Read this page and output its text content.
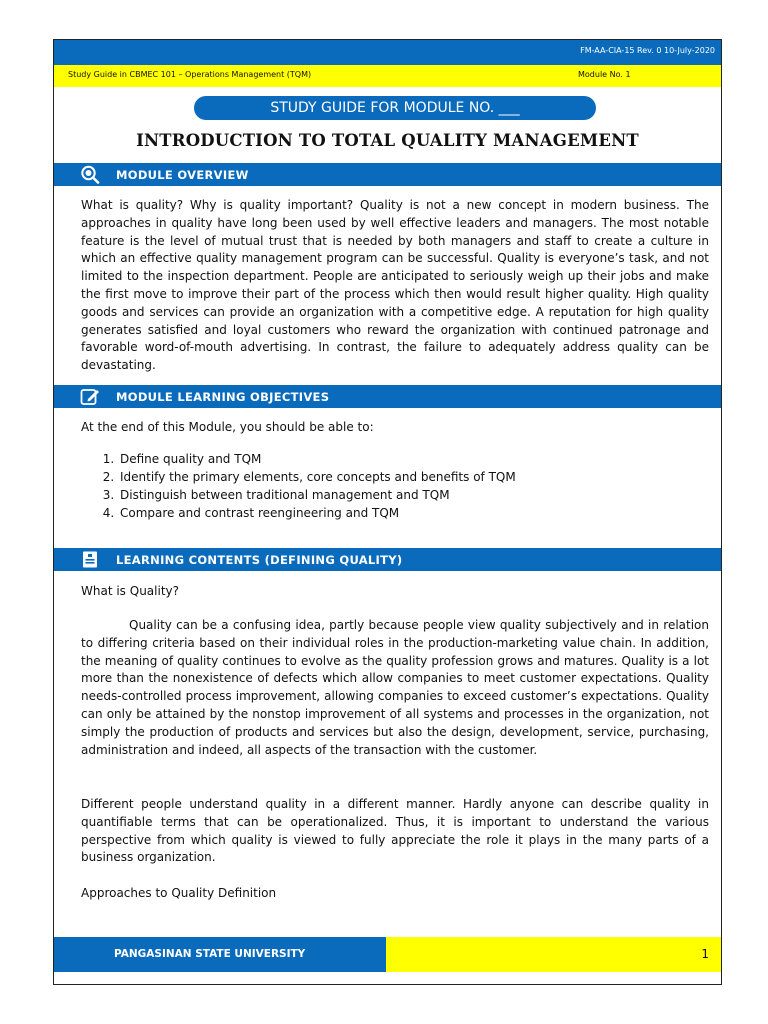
FM-AA-CIA-15 Rev. 0 10-July-2020
Study Guide in CBMEC 101 – Operations Management (TQM)	Module No. 1
STUDY GUIDE FOR MODULE NO. ___
INTRODUCTION TO TOTAL QUALITY MANAGEMENT
MODULE OVERVIEW

What is quality? Why is quality important? Quality is not a new concept in modern business. The approaches in quality have long been used by well effective leaders and managers. The most notable feature is the level of mutual trust that is needed by both managers and staff to create a culture in which an effective quality management program can be successful. Quality is everyone’s task, and not limited to the inspection department. People are anticipated to seriously weigh up their jobs and make the first move to improve their part of the process which then would result higher quality. High quality goods and services can provide an organization with a competitive edge. A reputation for high quality generates satisfied and loyal customers who reward the organization with continued patronage and favorable word-of-mouth advertising. In contrast, the failure to adequately address quality can be devastating.

MODULE LEARNING OBJECTIVES

At the end of this Module, you should be able to:

1. Define quality and TQM
2. Identify the primary elements, core concepts and benefits of TQM
3. Distinguish between traditional management and TQM
4. Compare and contrast reengineering and TQM
LEARNING CONTENTS (DEFINING QUALITY)

What is Quality?

Quality can be a confusing idea, partly because people view quality subjectively and in relation to differing criteria based on their individual roles in the production-marketing value chain. In addition, the meaning of quality continues to evolve as the quality profession grows and matures. Quality is a lot more than the nonexistence of defects which allow companies to meet customer expectations. Quality needs-controlled process improvement, allowing companies to exceed customer’s expectations. Quality can only be attained by the nonstop improvement of all systems and processes in the organization, not simply the production of products and services but also the design, development, service, purchasing, administration and indeed, all aspects of the transaction with the customer.

Different people understand quality in a different manner. Hardly anyone can describe quality in quantifiable terms that can be operationalized. Thus, it is important to understand the various perspective from which quality is viewed to fully appreciate the role it plays in the many parts of a business organization.

Approaches to Quality Definition

PANGASINAN STATE UNIVERSITY	1
